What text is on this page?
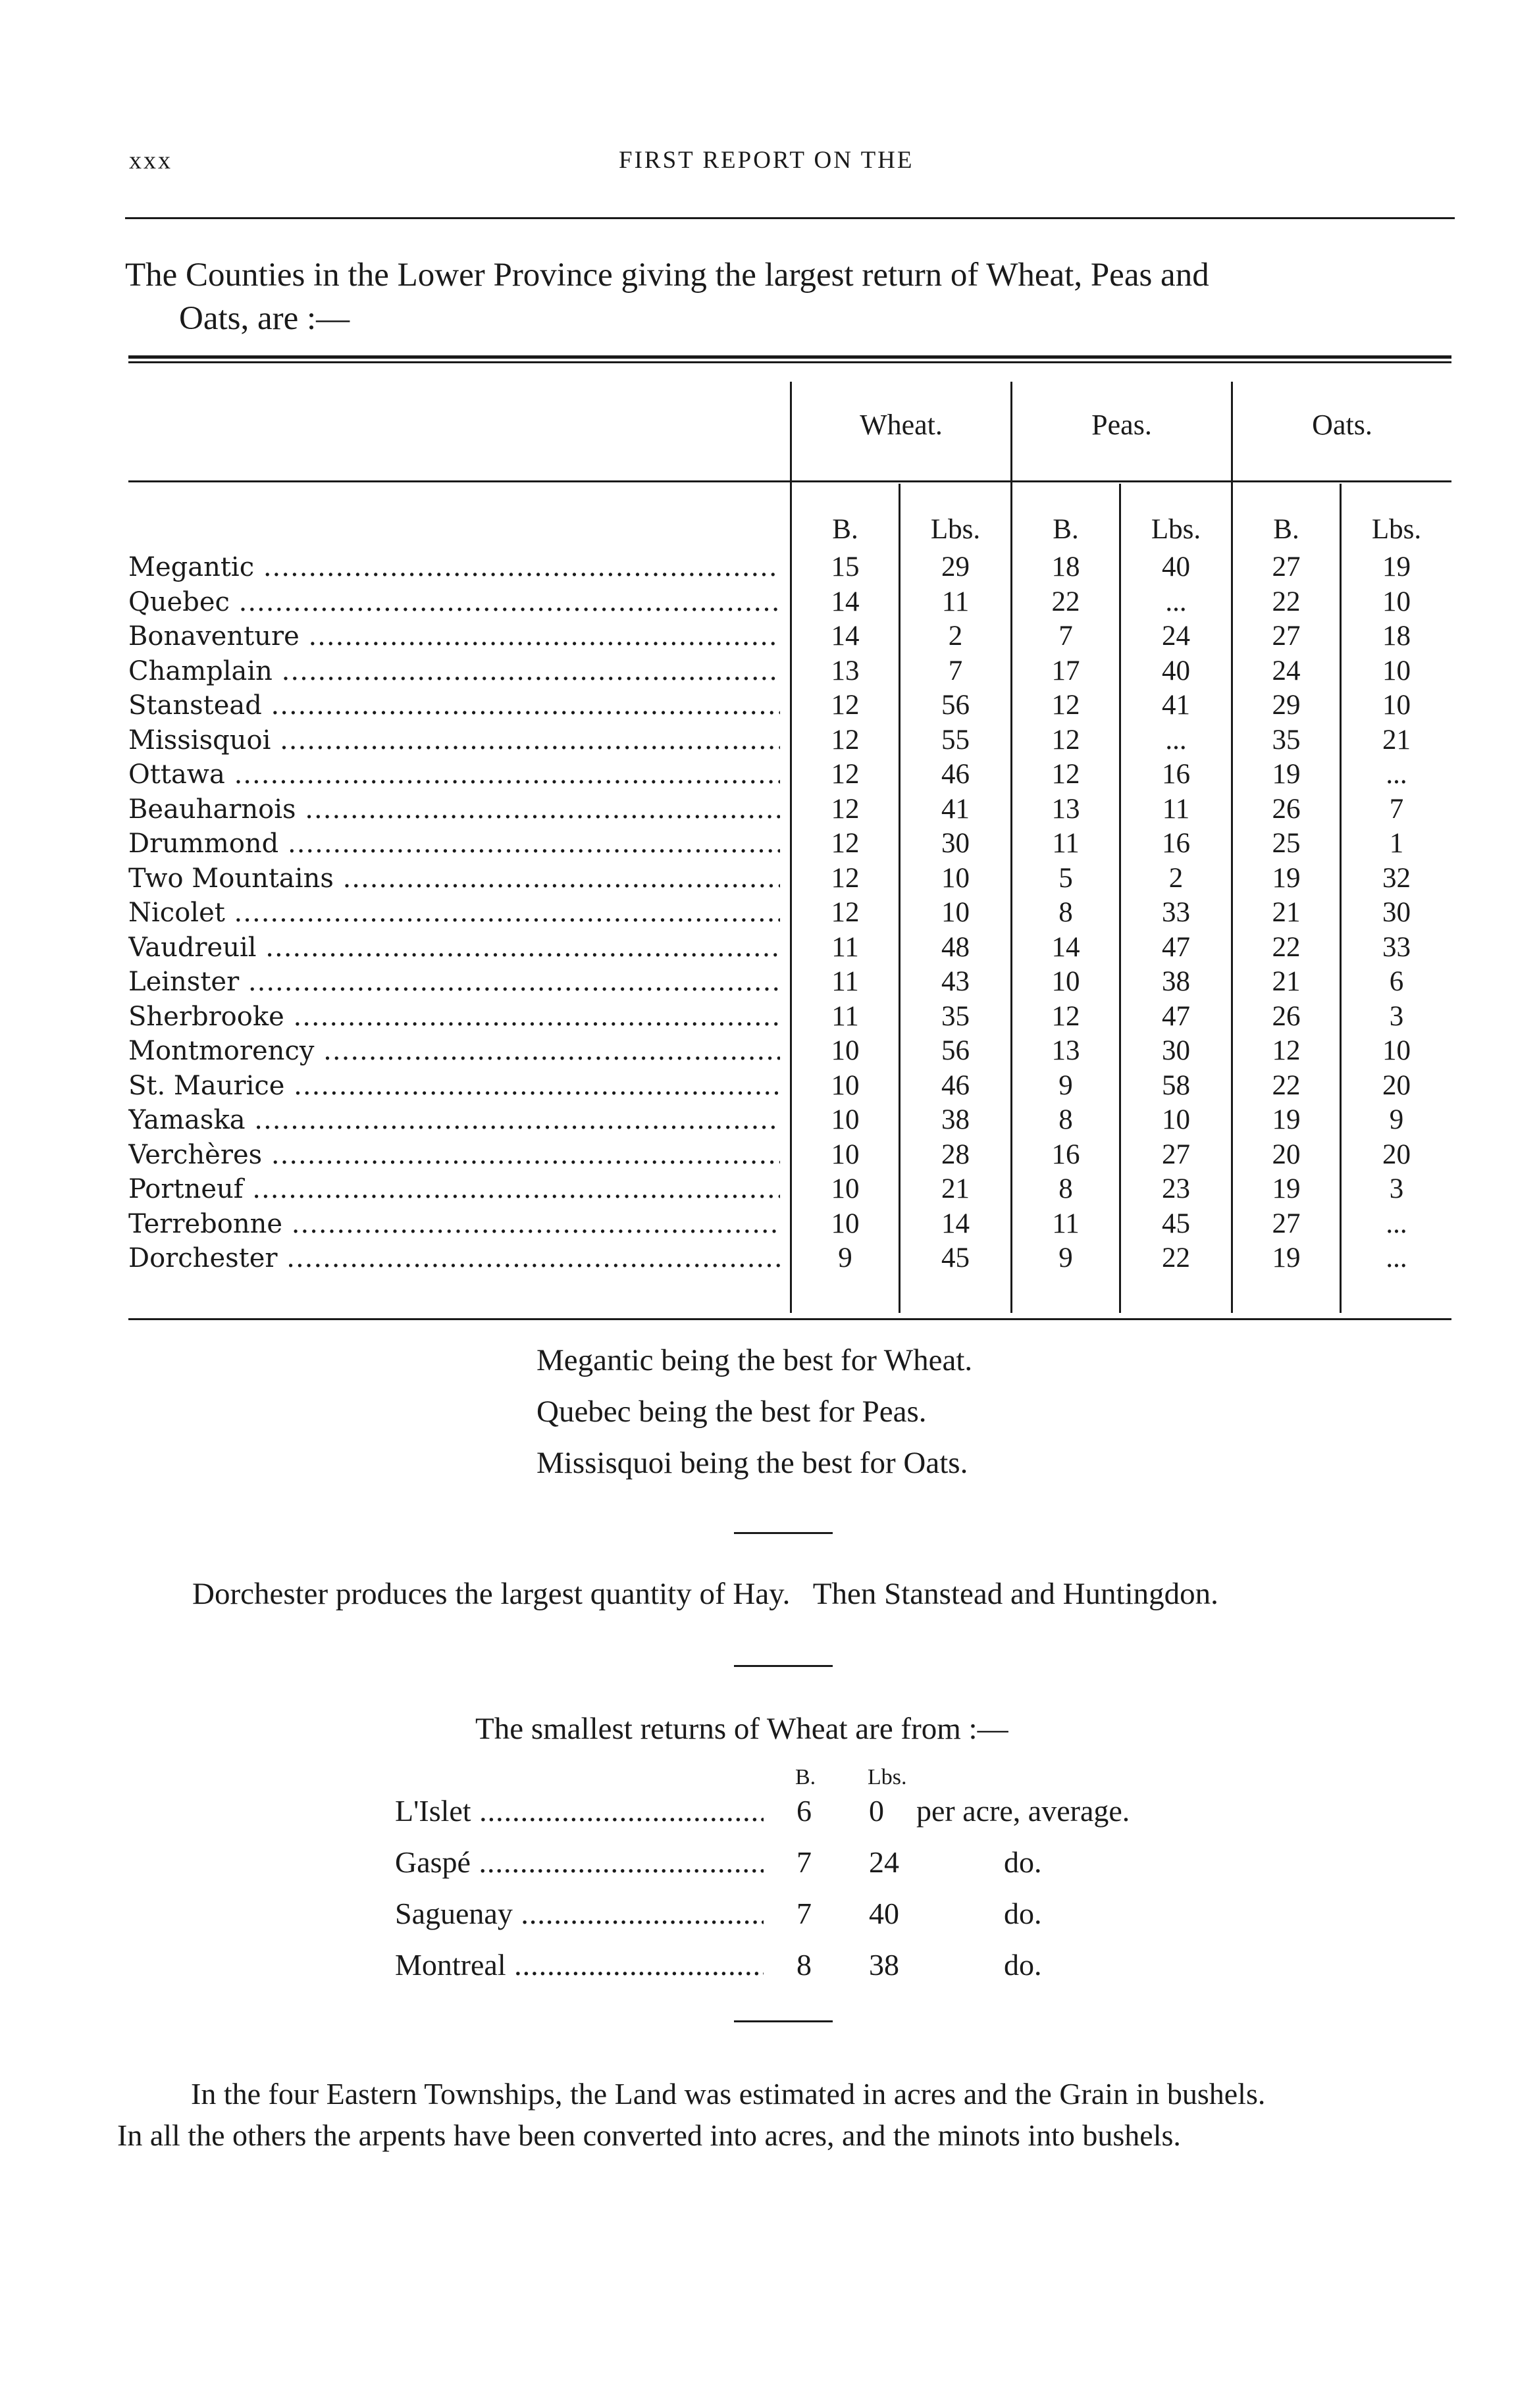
xxx	FIRST REPORT ON THE
The Counties in the Lower Province giving the largest return of Wheat, Peas and
Oats, are :—
Wheat.	Peas.	Oats.
B.	Lbs.	B.	Lbs.	B.	Lbs.
Megantic .....	15	29	18	40	27	19
Quebec .....	14	11	22	...	22	10
Bonaventure .....	14	2	7	24	27	18
Champlain .....	13	7	17	40	24	10
Stanstead .....	12	56	12	41	29	10
Missisquoi .....	12	55	12	...	35	21
Ottawa .....	12	46	12	16	19	...
Beauharnois .....	12	41	13	11	26	7
Drummond .....	12	30	11	16	25	1
Two Mountains .....	12	10	5	2	19	32
Nicolet .....	12	10	8	33	21	30
Vaudreuil .....	11	48	14	47	22	33
Leinster .....	11	43	10	38	21	6
Sherbrooke .....	11	35	12	47	26	3
Montmorency .....	10	56	13	30	12	10
St. Maurice .....	10	46	9	58	22	20
Yamaska .....	10	38	8	10	19	9
Verchères .....	10	28	16	27	20	20
Portneuf .....	10	21	8	23	19	3
Terrebonne .....	10	14	11	45	27	...
Dorchester .....	9	45	9	22	19	...
Megantic being the best for Wheat.
Quebec being the best for Peas.
Missisquoi being the best for Oats.
Dorchester produces the largest quantity of Hay.   Then Stanstead and Huntingdon.
The smallest returns of Wheat are from :—
B. Lbs.
L'Islet .....	6 0 per acre, average.
Gaspé .....	7 24	do.
Saguenay .....	7 40	do.
Montreal .....	8 38	do.
In the four Eastern Townships, the Land was estimated in acres and the Grain in bushels.
In all the others the arpents have been converted into acres, and the minots into bushels.
